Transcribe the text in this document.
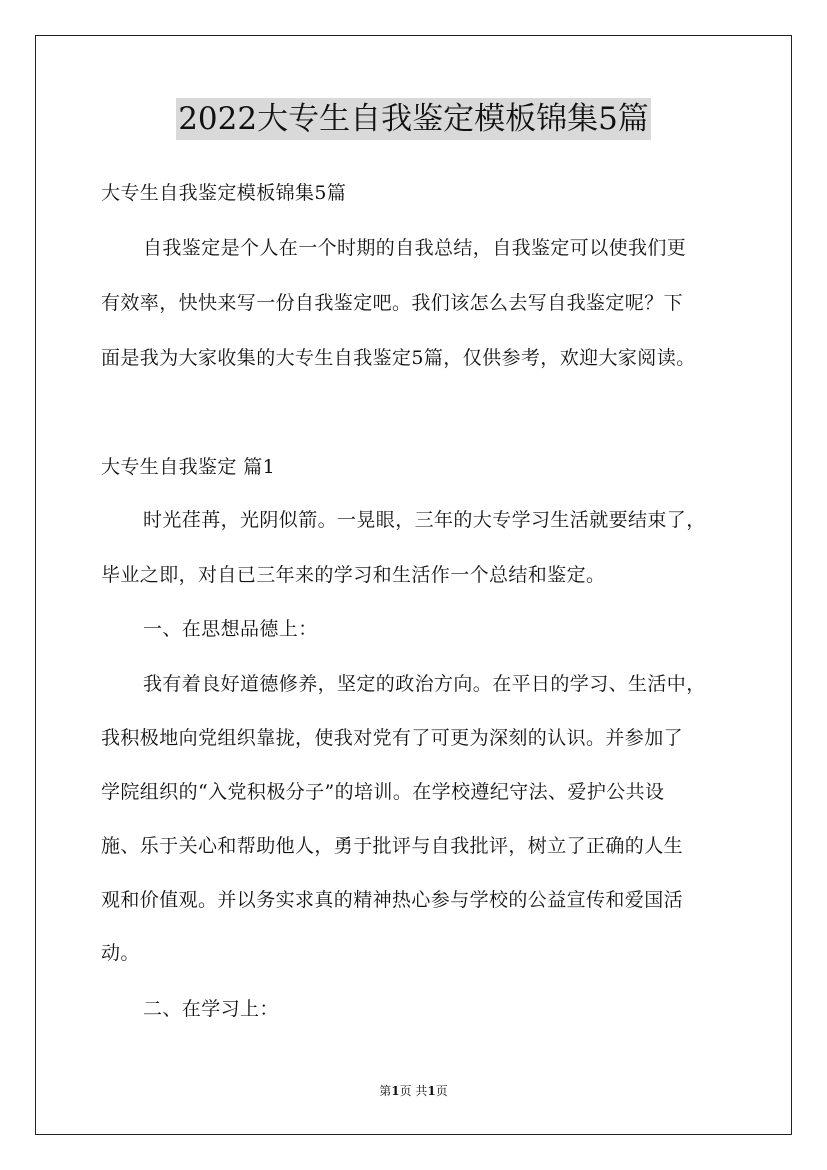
2022大专生自我鉴定模板锦集5篇
大专生自我鉴定模板锦集5篇
自我鉴定是个人在一个时期的自我总结，自我鉴定可以使我们更
有效率，快快来写一份自我鉴定吧。我们该怎么去写自我鉴定呢？下
面是我为大家收集的大专生自我鉴定5篇，仅供参考，欢迎大家阅读。
大专生自我鉴定 篇1
时光荏苒，光阴似箭。一晃眼，三年的大专学习生活就要结束了，
毕业之即，对自已三年来的学习和生活作一个总结和鉴定。
一、在思想品德上：
我有着良好道德修养，坚定的政治方向。在平日的学习、生活中，
我积极地向党组织靠拢，使我对党有了可更为深刻的认识。并参加了
学院组织的“入党积极分子”的培训。在学校遵纪守法、爱护公共设
施、乐于关心和帮助他人，勇于批评与自我批评，树立了正确的人生
观和价值观。并以务实求真的精神热心参与学校的公益宣传和爱国活
动。
二、在学习上：
第1页 共1页
